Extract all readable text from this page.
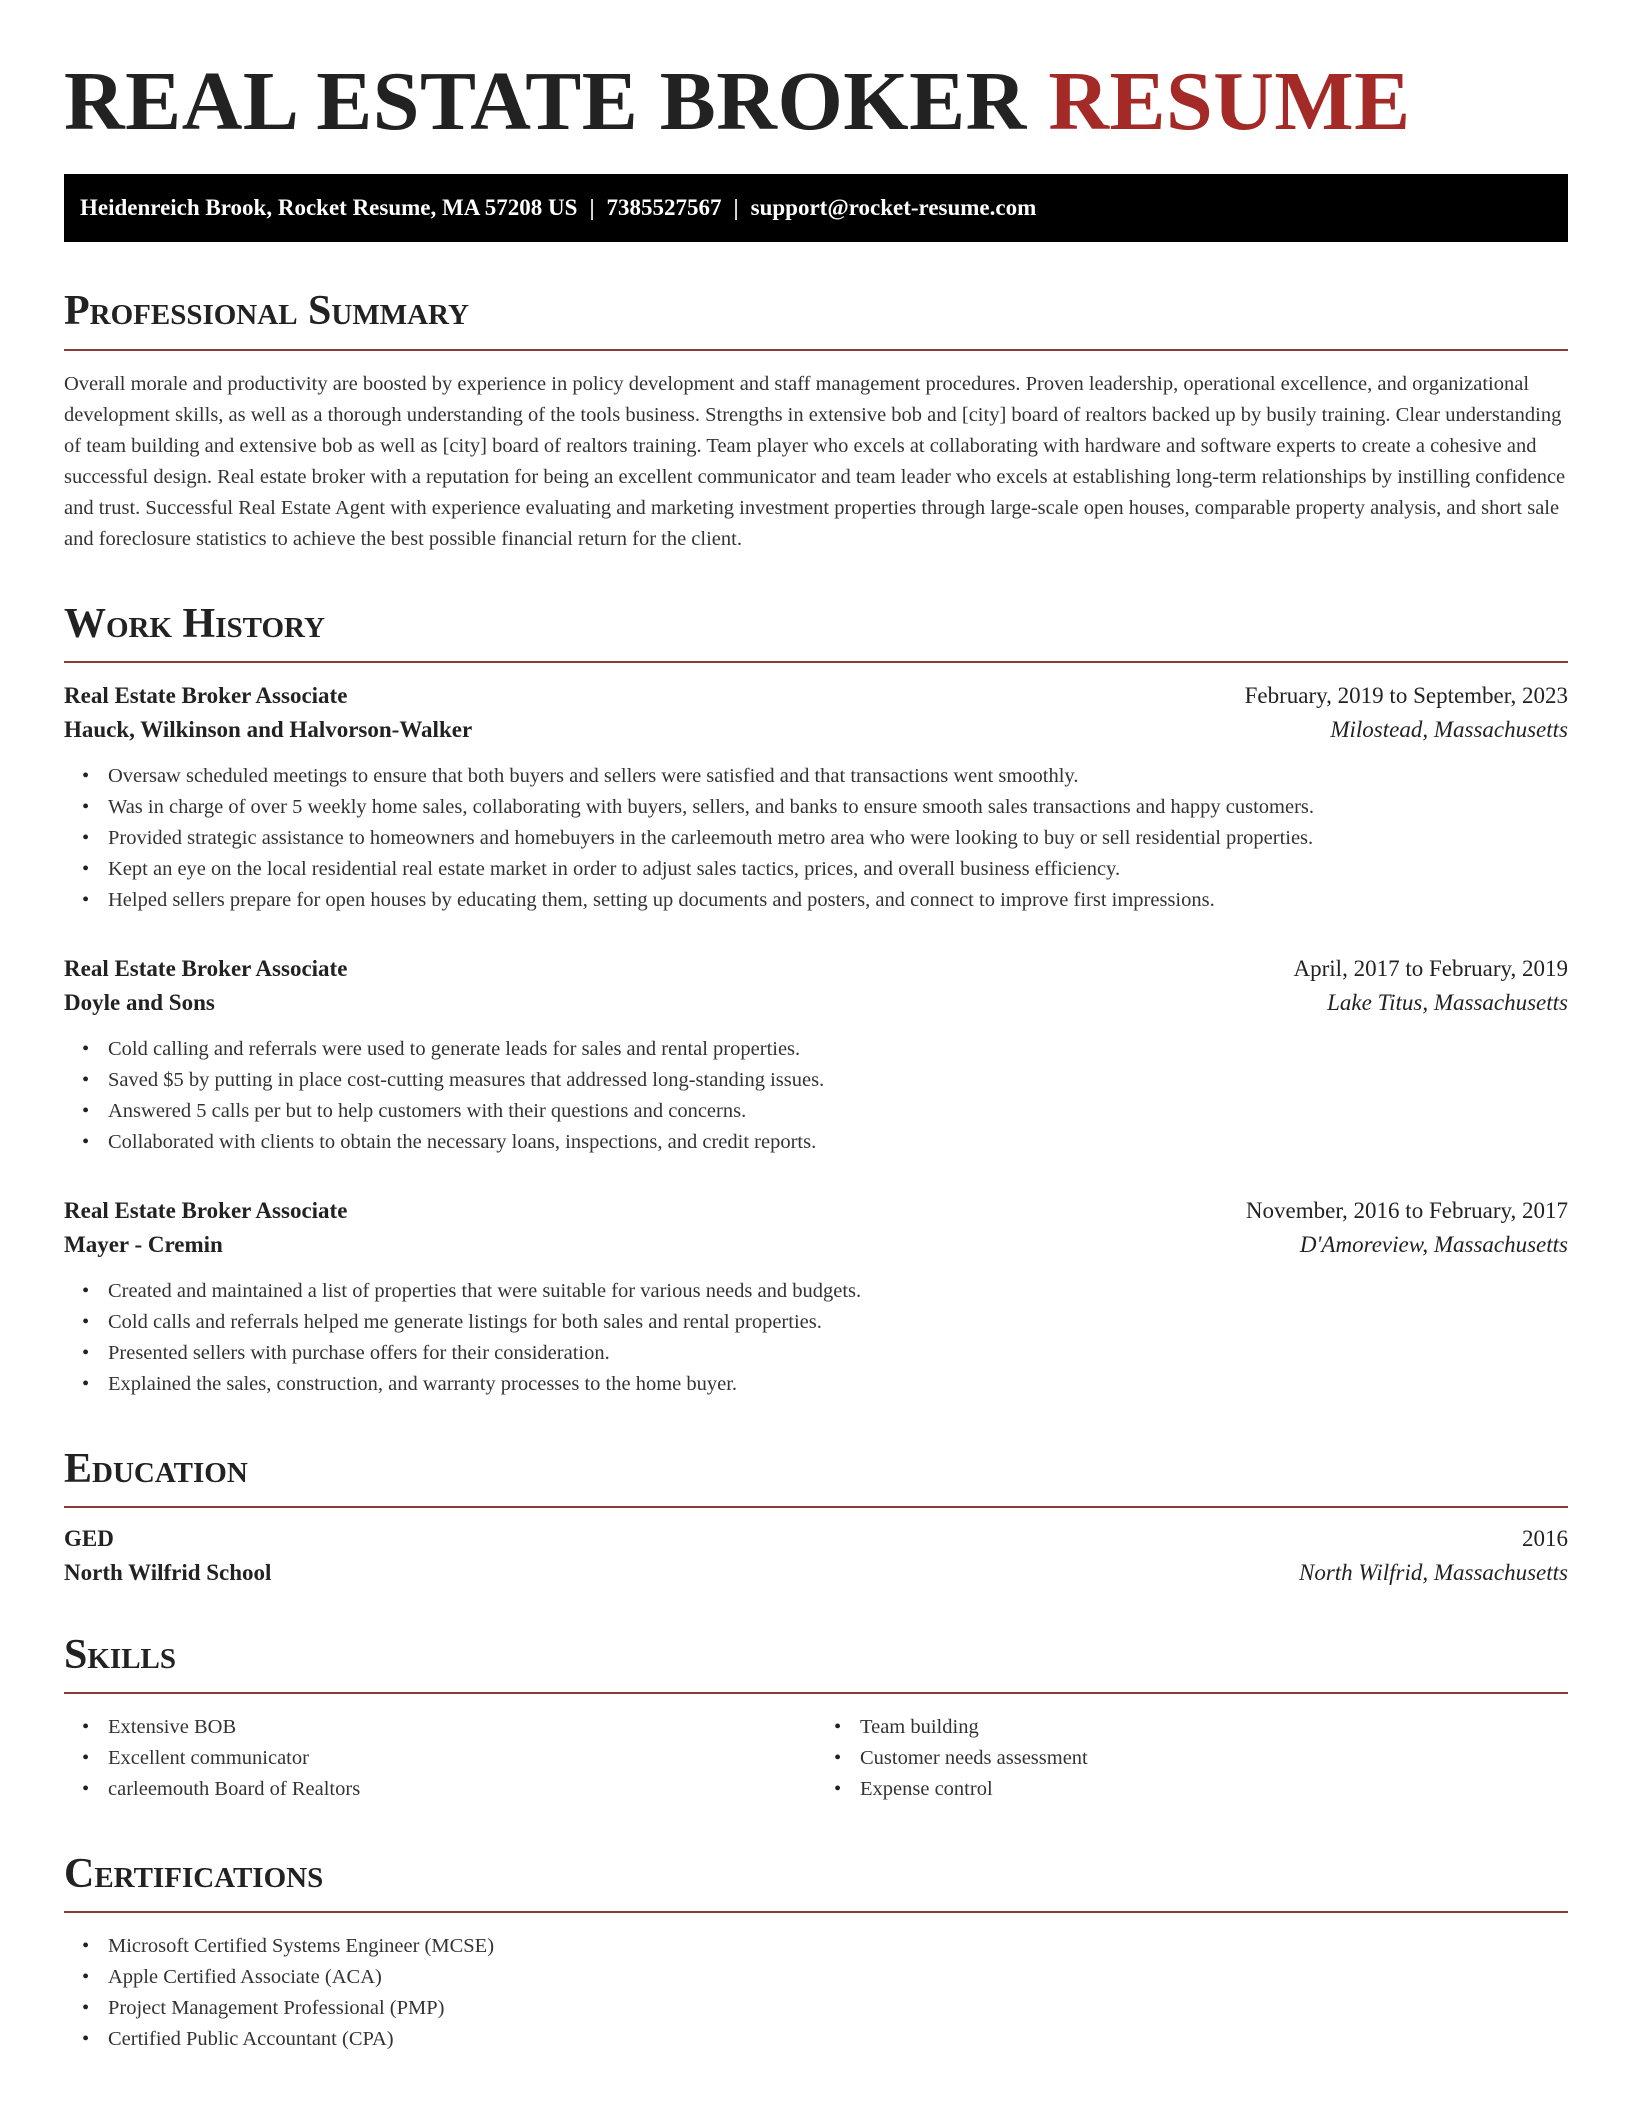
REAL ESTATE BROKER RESUME
Heidenreich Brook, Rocket Resume, MA 57208 US | 7385527567 | support@rocket-resume.com
Professional Summary

Overall morale and productivity are boosted by experience in policy development and staff management procedures. Proven leadership, operational excellence, and organizational development skills, as well as a thorough understanding of the tools business. Strengths in extensive bob and [city] board of realtors backed up by busily training. Clear understanding of team building and extensive bob as well as [city] board of realtors training. Team player who excels at collaborating with hardware and software experts to create a cohesive and successful design. Real estate broker with a reputation for being an excellent communicator and team leader who excels at establishing long-term relationships by instilling confidence and trust. Successful Real Estate Agent with experience evaluating and marketing investment properties through large-scale open houses, comparable property analysis, and short sale and foreclosure statistics to achieve the best possible financial return for the client.

Work History
Real Estate Broker Associate	February, 2019 to September, 2023
Hauck, Wilkinson and Halvorson-Walker	Milostead, Massachusetts
• Oversaw scheduled meetings to ensure that both buyers and sellers were satisfied and that transactions went smoothly.
• Was in charge of over 5 weekly home sales, collaborating with buyers, sellers, and banks to ensure smooth sales transactions and happy customers.
• Provided strategic assistance to homeowners and homebuyers in the carleemouth metro area who were looking to buy or sell residential properties.
• Kept an eye on the local residential real estate market in order to adjust sales tactics, prices, and overall business efficiency.
• Helped sellers prepare for open houses by educating them, setting up documents and posters, and connect to improve first impressions.
Real Estate Broker Associate	April, 2017 to February, 2019
Doyle and Sons	Lake Titus, Massachusetts
• Cold calling and referrals were used to generate leads for sales and rental properties.
• Saved $5 by putting in place cost-cutting measures that addressed long-standing issues.
• Answered 5 calls per but to help customers with their questions and concerns.
• Collaborated with clients to obtain the necessary loans, inspections, and credit reports.
Real Estate Broker Associate	November, 2016 to February, 2017
Mayer - Cremin	D'Amoreview, Massachusetts
• Created and maintained a list of properties that were suitable for various needs and budgets.
• Cold calls and referrals helped me generate listings for both sales and rental properties.
• Presented sellers with purchase offers for their consideration.
• Explained the sales, construction, and warranty processes to the home buyer.
Education
GED	2016
North Wilfrid School	North Wilfrid, Massachusetts
Skills
• Extensive BOB
• Excellent communicator
• carleemouth Board of Realtors
• Team building
• Customer needs assessment
• Expense control
Certifications
• Microsoft Certified Systems Engineer (MCSE)
• Apple Certified Associate (ACA)
• Project Management Professional (PMP)
• Certified Public Accountant (CPA)
